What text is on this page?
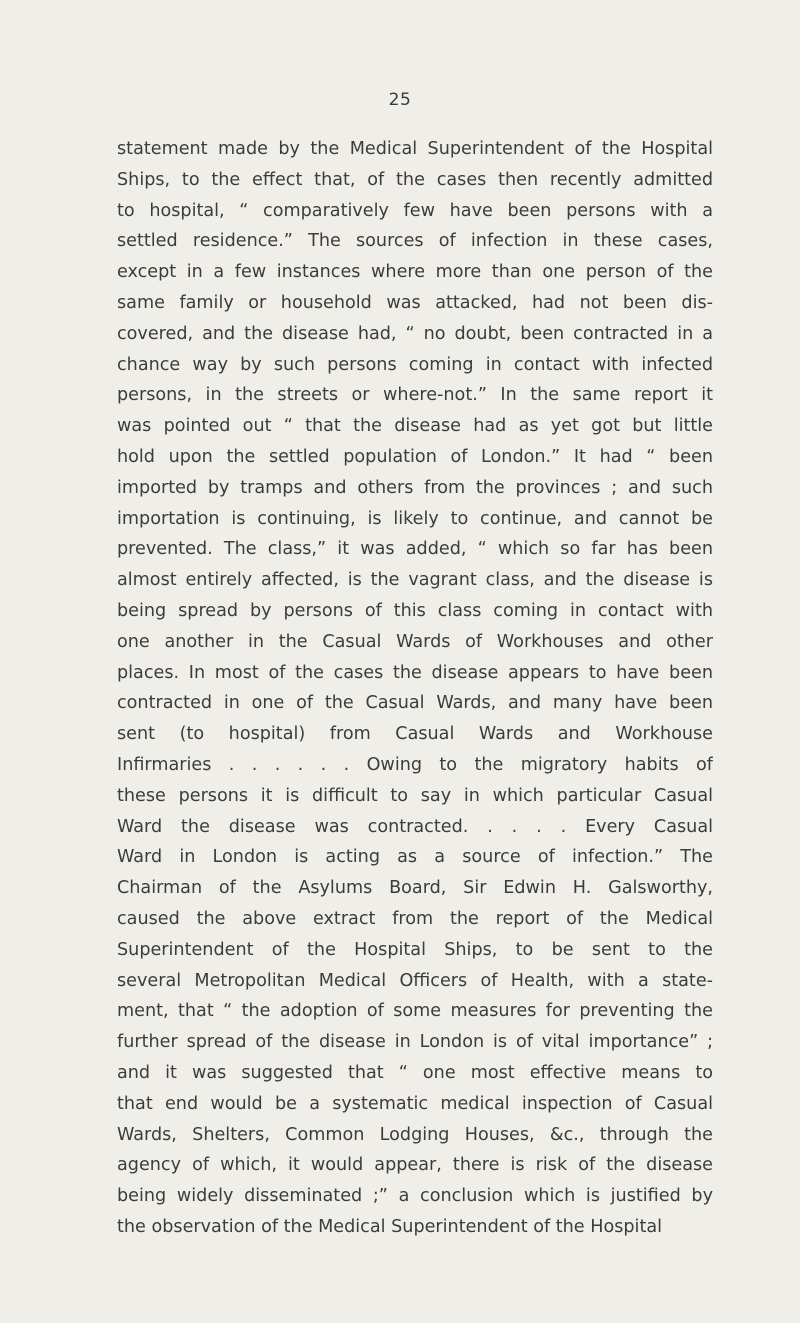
25
statement made by the Medical Superintendent of the Hospital
Ships, to the effect that, of the cases then recently admitted
to hospital, “ comparatively few have been persons with a
settled residence.” The sources of infection in these cases,
except in a few instances where more than one person of the
same family or household was attacked, had not been dis-
covered, and the disease had, “ no doubt, been contracted in a
chance way by such persons coming in contact with infected
persons, in the streets or where-not.” In the same report it
was pointed out “ that the disease had as yet got but little
hold upon the settled population of London.” It had “ been
imported by tramps and others from the provinces ; and such
importation is continuing, is likely to continue, and cannot be
prevented. The class,” it was added, “ which so far has been
almost entirely affected, is the vagrant class, and the disease is
being spread by persons of this class coming in contact with
one another in the Casual Wards of Workhouses and other
places. In most of the cases the disease appears to have been
contracted in one of the Casual Wards, and many have been
sent (to hospital) from Casual Wards and Workhouse
Infirmaries . . . . . . Owing to the migratory habits of
these persons it is difficult to say in which particular Casual
Ward the disease was contracted. . . . . Every Casual
Ward in London is acting as a source of infection.” The
Chairman of the Asylums Board, Sir Edwin H. Galsworthy,
caused the above extract from the report of the Medical
Superintendent of the Hospital Ships, to be sent to the
several Metropolitan Medical Officers of Health, with a state-
ment, that “ the adoption of some measures for preventing the
further spread of the disease in London is of vital importance” ;
and it was suggested that “ one most effective means to
that end would be a systematic medical inspection of Casual
Wards, Shelters, Common Lodging Houses, &c., through the
agency of which, it would appear, there is risk of the disease
being widely disseminated ;” a conclusion which is justified by
the observation of the Medical Superintendent of the Hospital
